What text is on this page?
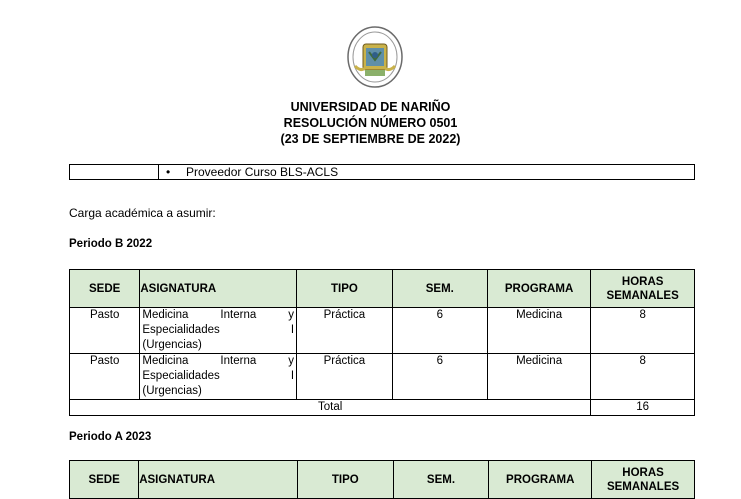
UNIVERSIDAD DE NARIÑO
RESOLUCIÓN NÚMERO 0501
(23 DE SEPTIEMBRE DE 2022)
• Proveedor Curso BLS-ACLS
Carga académica a asumir:
Periodo B 2022
SEDE	ASIGNATURA	TIPO	SEM.	PROGRAMA	HORAS SEMANALES
Pasto	Medicina Interna y
Especialidades I
(Urgencias)	Práctica	6	Medicina	8
Pasto	Medicina Interna y
Especialidades I
(Urgencias)	Práctica	6	Medicina	8
Total					16
Periodo A 2023
SEDE	ASIGNATURA	TIPO	SEM.	PROGRAMA	HORAS SEMANALES
